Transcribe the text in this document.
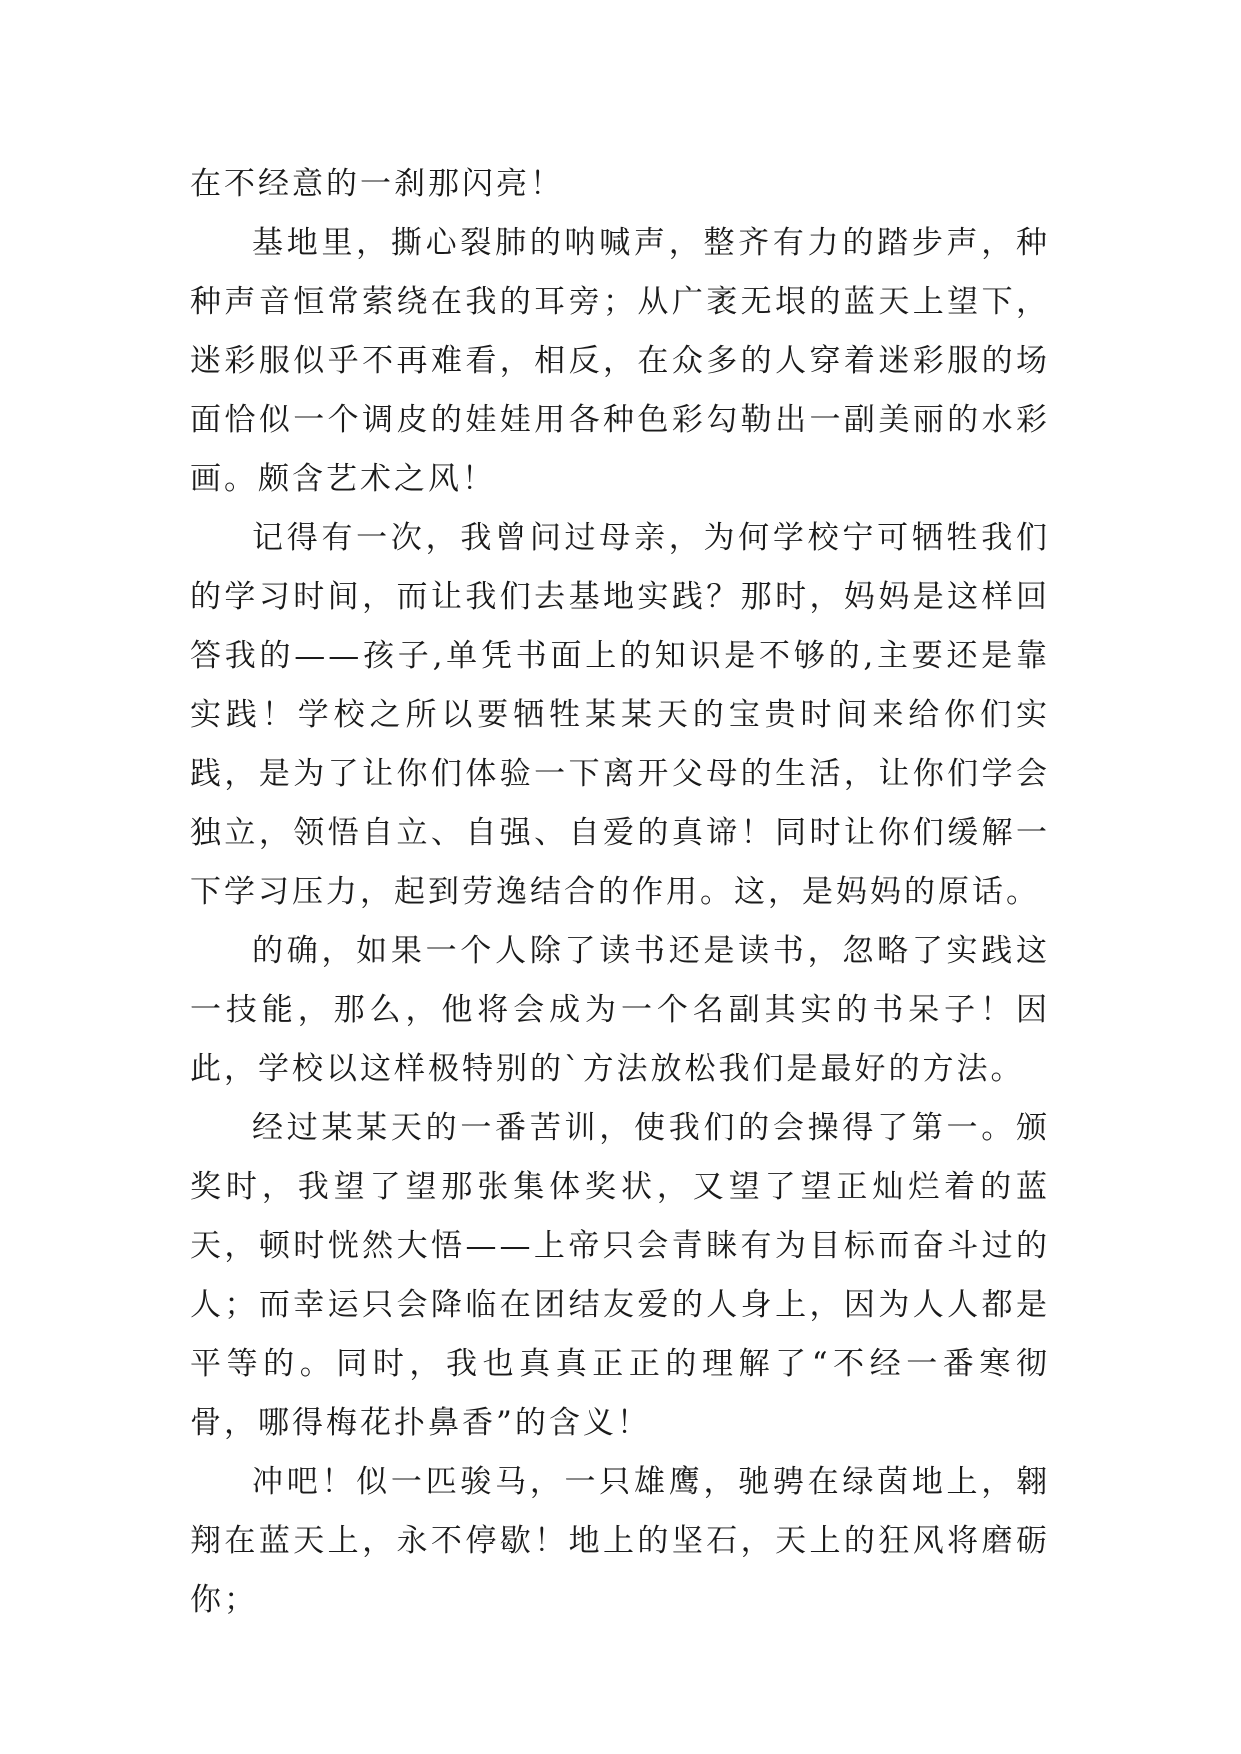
在不经意的一刹那闪亮！

基地里，撕心裂肺的呐喊声，整齐有力的踏步声，种种声音恒常萦绕在我的耳旁；从广袤无垠的蓝天上望下，迷彩服似乎不再难看，相反，在众多的人穿着迷彩服的场面恰似一个调皮的娃娃用各种色彩勾勒出一副美丽的水彩画。颇含艺术之风！

记得有一次，我曾问过母亲，为何学校宁可牺牲我们的学习时间，而让我们去基地实践？那时，妈妈是这样回答我的——孩子,单凭书面上的知识是不够的,主要还是靠实践！学校之所以要牺牲某某天的宝贵时间来给你们实践，是为了让你们体验一下离开父母的生活，让你们学会独立，领悟自立、自强、自爱的真谛！同时让你们缓解一下学习压力，起到劳逸结合的作用。这，是妈妈的原话。

的确，如果一个人除了读书还是读书，忽略了实践这一技能，那么，他将会成为一个名副其实的书呆子！因此，学校以这样极特别的`方法放松我们是最好的方法。

经过某某天的一番苦训，使我们的会操得了第一。颁奖时，我望了望那张集体奖状，又望了望正灿烂着的蓝天，顿时恍然大悟——上帝只会青睐有为目标而奋斗过的人；而幸运只会降临在团结友爱的人身上，因为人人都是平等的。同时，我也真真正正的理解了“不经一番寒彻骨，哪得梅花扑鼻香”的含义！

冲吧！似一匹骏马，一只雄鹰，驰骋在绿茵地上，翱翔在蓝天上，永不停歇！地上的坚石，天上的狂风将磨砺你；
